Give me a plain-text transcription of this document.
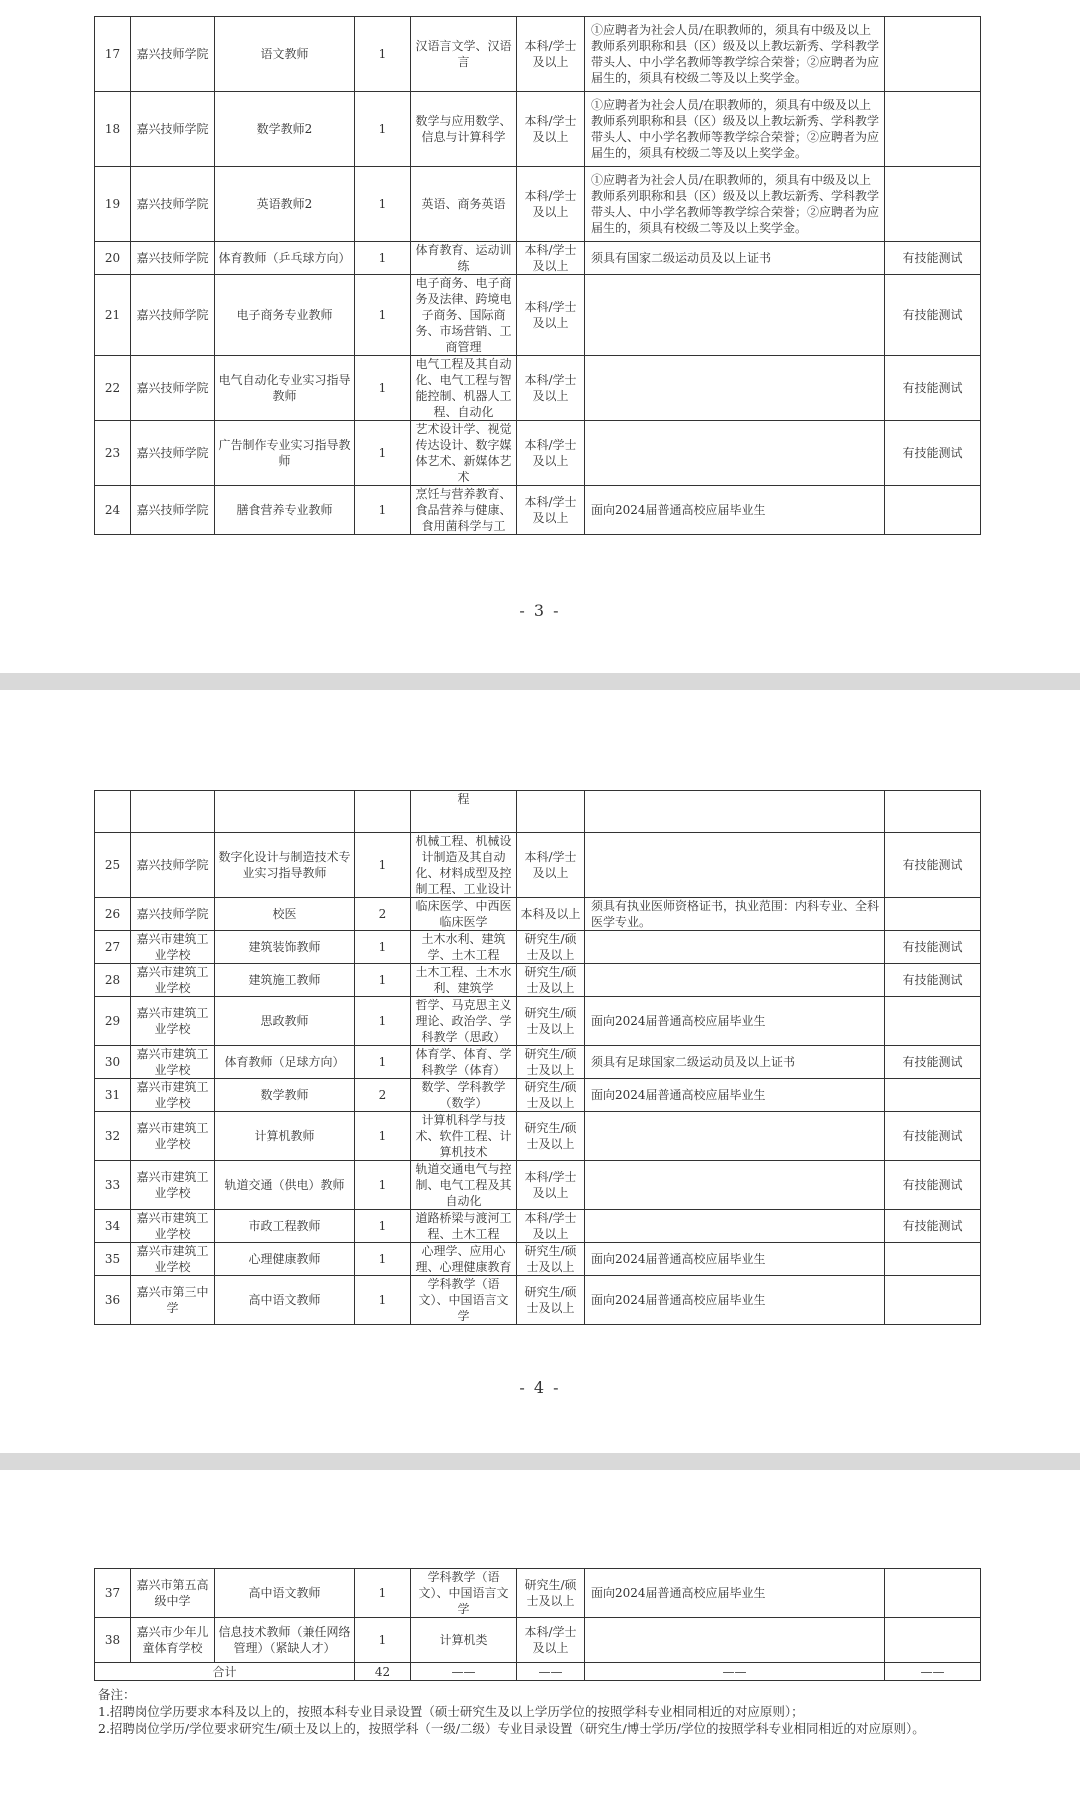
17	嘉兴技师学院	语文教师	1	汉语言文学、汉语言	本科/学士及以上	①应聘者为社会人员/在职教师的，须具有中级及以上教师系列职称和县（区）级及以上教坛新秀、学科教学带头人、中小学名教师等教学综合荣誉；②应聘者为应届生的，须具有校级二等及以上奖学金。	
18	嘉兴技师学院	数学教师2	1	数学与应用数学、信息与计算科学	本科/学士及以上	①应聘者为社会人员/在职教师的，须具有中级及以上教师系列职称和县（区）级及以上教坛新秀、学科教学带头人、中小学名教师等教学综合荣誉；②应聘者为应届生的，须具有校级二等及以上奖学金。	
19	嘉兴技师学院	英语教师2	1	英语、商务英语	本科/学士及以上	①应聘者为社会人员/在职教师的，须具有中级及以上教师系列职称和县（区）级及以上教坛新秀、学科教学带头人、中小学名教师等教学综合荣誉；②应聘者为应届生的，须具有校级二等及以上奖学金。	
20	嘉兴技师学院	体育教师（乒乓球方向）	1	体育教育、运动训练	本科/学士及以上	须具有国家二级运动员及以上证书	有技能测试
21	嘉兴技师学院	电子商务专业教师	1	电子商务、电子商务及法律、跨境电子商务、国际商务、市场营销、工商管理	本科/学士及以上		有技能测试
22	嘉兴技师学院	电气自动化专业实习指导教师	1	电气工程及其自动化、电气工程与智能控制、机器人工程、自动化	本科/学士及以上		有技能测试
23	嘉兴技师学院	广告制作专业实习指导教师	1	艺术设计学、视觉传达设计、数字媒体艺术、新媒体艺术	本科/学士及以上		有技能测试
24	嘉兴技师学院	膳食营养专业教师	1	烹饪与营养教育、食品营养与健康、食用菌科学与工	本科/学士及以上	面向2024届普通高校应届毕业生	
- 3 -
				程			
25	嘉兴技师学院	数字化设计与制造技术专业实习指导教师	1	机械工程、机械设计制造及其自动化、材料成型及控制工程、工业设计	本科/学士及以上		有技能测试
26	嘉兴技师学院	校医	2	临床医学、中西医临床医学	本科及以上	须具有执业医师资格证书，执业范围：内科专业、全科医学专业。	
27	嘉兴市建筑工业学校	建筑装饰教师	1	土木水利、建筑学、土木工程	研究生/硕士及以上		有技能测试
28	嘉兴市建筑工业学校	建筑施工教师	1	土木工程、土木水利、建筑学	研究生/硕士及以上		有技能测试
29	嘉兴市建筑工业学校	思政教师	1	哲学、马克思主义理论、政治学、学科教学（思政）	研究生/硕士及以上	面向2024届普通高校应届毕业生	
30	嘉兴市建筑工业学校	体育教师（足球方向）	1	体育学、体育、学科教学（体育）	研究生/硕士及以上	须具有足球国家二级运动员及以上证书	有技能测试
31	嘉兴市建筑工业学校	数学教师	2	数学、学科教学（数学）	研究生/硕士及以上	面向2024届普通高校应届毕业生	
32	嘉兴市建筑工业学校	计算机教师	1	计算机科学与技术、软件工程、计算机技术	研究生/硕士及以上		有技能测试
33	嘉兴市建筑工业学校	轨道交通（供电）教师	1	轨道交通电气与控制、电气工程及其自动化	本科/学士及以上		有技能测试
34	嘉兴市建筑工业学校	市政工程教师	1	道路桥梁与渡河工程、土木工程	本科/学士及以上		有技能测试
35	嘉兴市建筑工业学校	心理健康教师	1	心理学、应用心理、心理健康教育	研究生/硕士及以上	面向2024届普通高校应届毕业生	
36	嘉兴市第三中学	高中语文教师	1	学科教学（语文）、中国语言文学	研究生/硕士及以上	面向2024届普通高校应届毕业生	
- 4 -
37	嘉兴市第五高级中学	高中语文教师	1	学科教学（语文）、中国语言文学	研究生/硕士及以上	面向2024届普通高校应届毕业生	
38	嘉兴市少年儿童体育学校	信息技术教师（兼任网络管理）（紧缺人才）	1	计算机类	本科/学士及以上		
合计			42	——	——	——	——
备注：
1.招聘岗位学历要求本科及以上的，按照本科专业目录设置（硕士研究生及以上学历学位的按照学科专业相同相近的对应原则）；
2.招聘岗位学历/学位要求研究生/硕士及以上的，按照学科（一级/二级）专业目录设置（研究生/博士学历/学位的按照学科专业相同相近的对应原则）。
